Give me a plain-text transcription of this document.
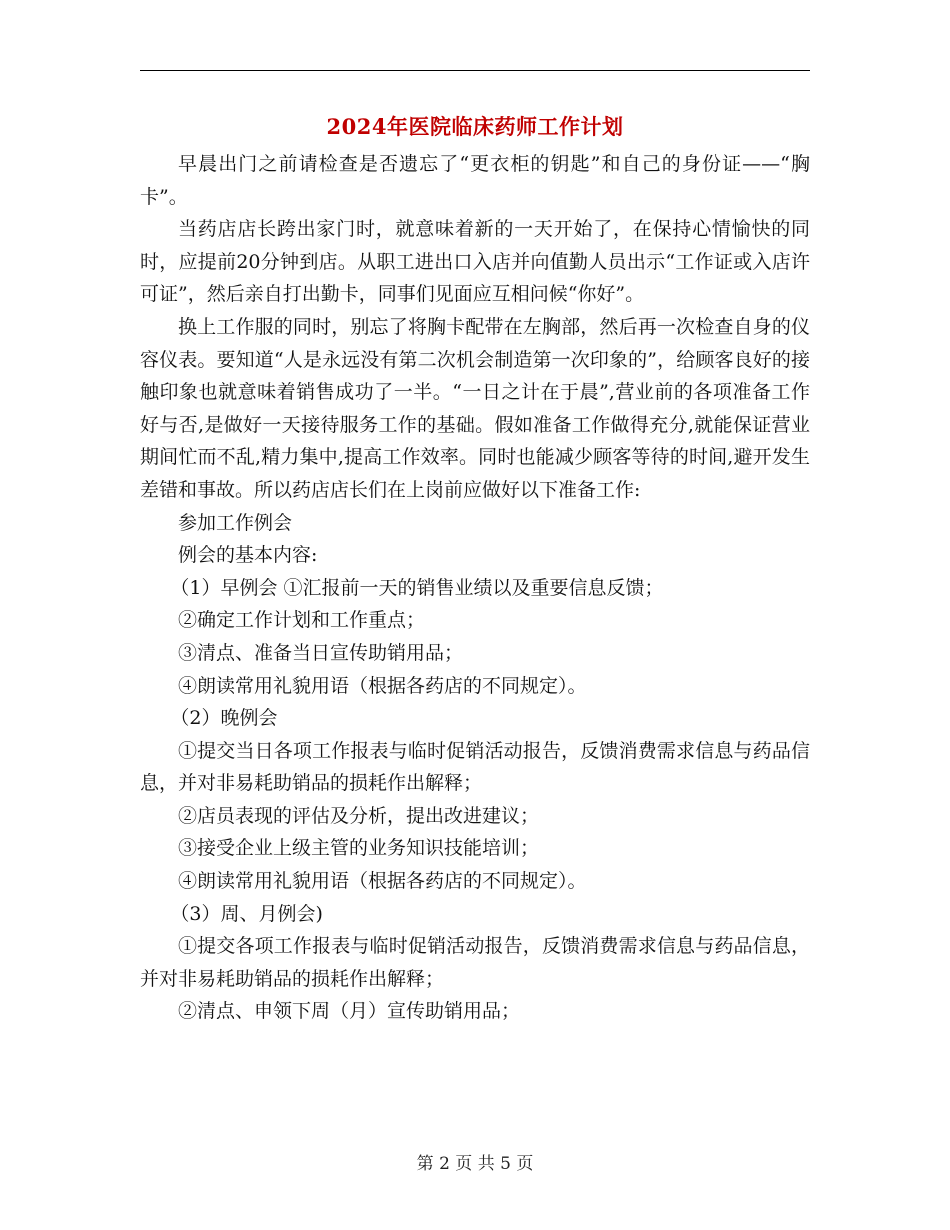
2024年医院临床药师工作计划

早晨出门之前请检查是否遗忘了“更衣柜的钥匙”和自己的身份证——“胸卡”。

当药店店长跨出家门时，就意味着新的一天开始了，在保持心情愉快的同时，应提前20分钟到店。从职工进出口入店并向值勤人员出示“工作证或入店许可证”，然后亲自打出勤卡，同事们见面应互相问候“你好”。

换上工作服的同时，别忘了将胸卡配带在左胸部，然后再一次检查自身的仪容仪表。要知道“人是永远没有第二次机会制造第一次印象的”，给顾客良好的接触印象也就意味着销售成功了一半。“一日之计在于晨”,营业前的各项准备工作好与否,是做好一天接待服务工作的基础。假如准备工作做得充分,就能保证营业期间忙而不乱,精力集中,提高工作效率。同时也能减少顾客等待的时间,避开发生差错和事故。所以药店店长们在上岗前应做好以下准备工作:

参加工作例会

例会的基本内容:

（1）早例会 ①汇报前一天的销售业绩以及重要信息反馈；

②确定工作计划和工作重点；

③清点、准备当日宣传助销用品；

④朗读常用礼貌用语（根据各药店的不同规定）。

（2）晚例会

①提交当日各项工作报表与临时促销活动报告，反馈消费需求信息与药品信息，并对非易耗助销品的损耗作出解释；

②店员表现的评估及分析，提出改进建议；

③接受企业上级主管的业务知识技能培训；

④朗读常用礼貌用语（根据各药店的不同规定）。

（3）周、月例会)

①提交各项工作报表与临时促销活动报告，反馈消费需求信息与药品信息，并对非易耗助销品的损耗作出解释；

②清点、申领下周（月）宣传助销用品；

第 2 页 共 5 页
